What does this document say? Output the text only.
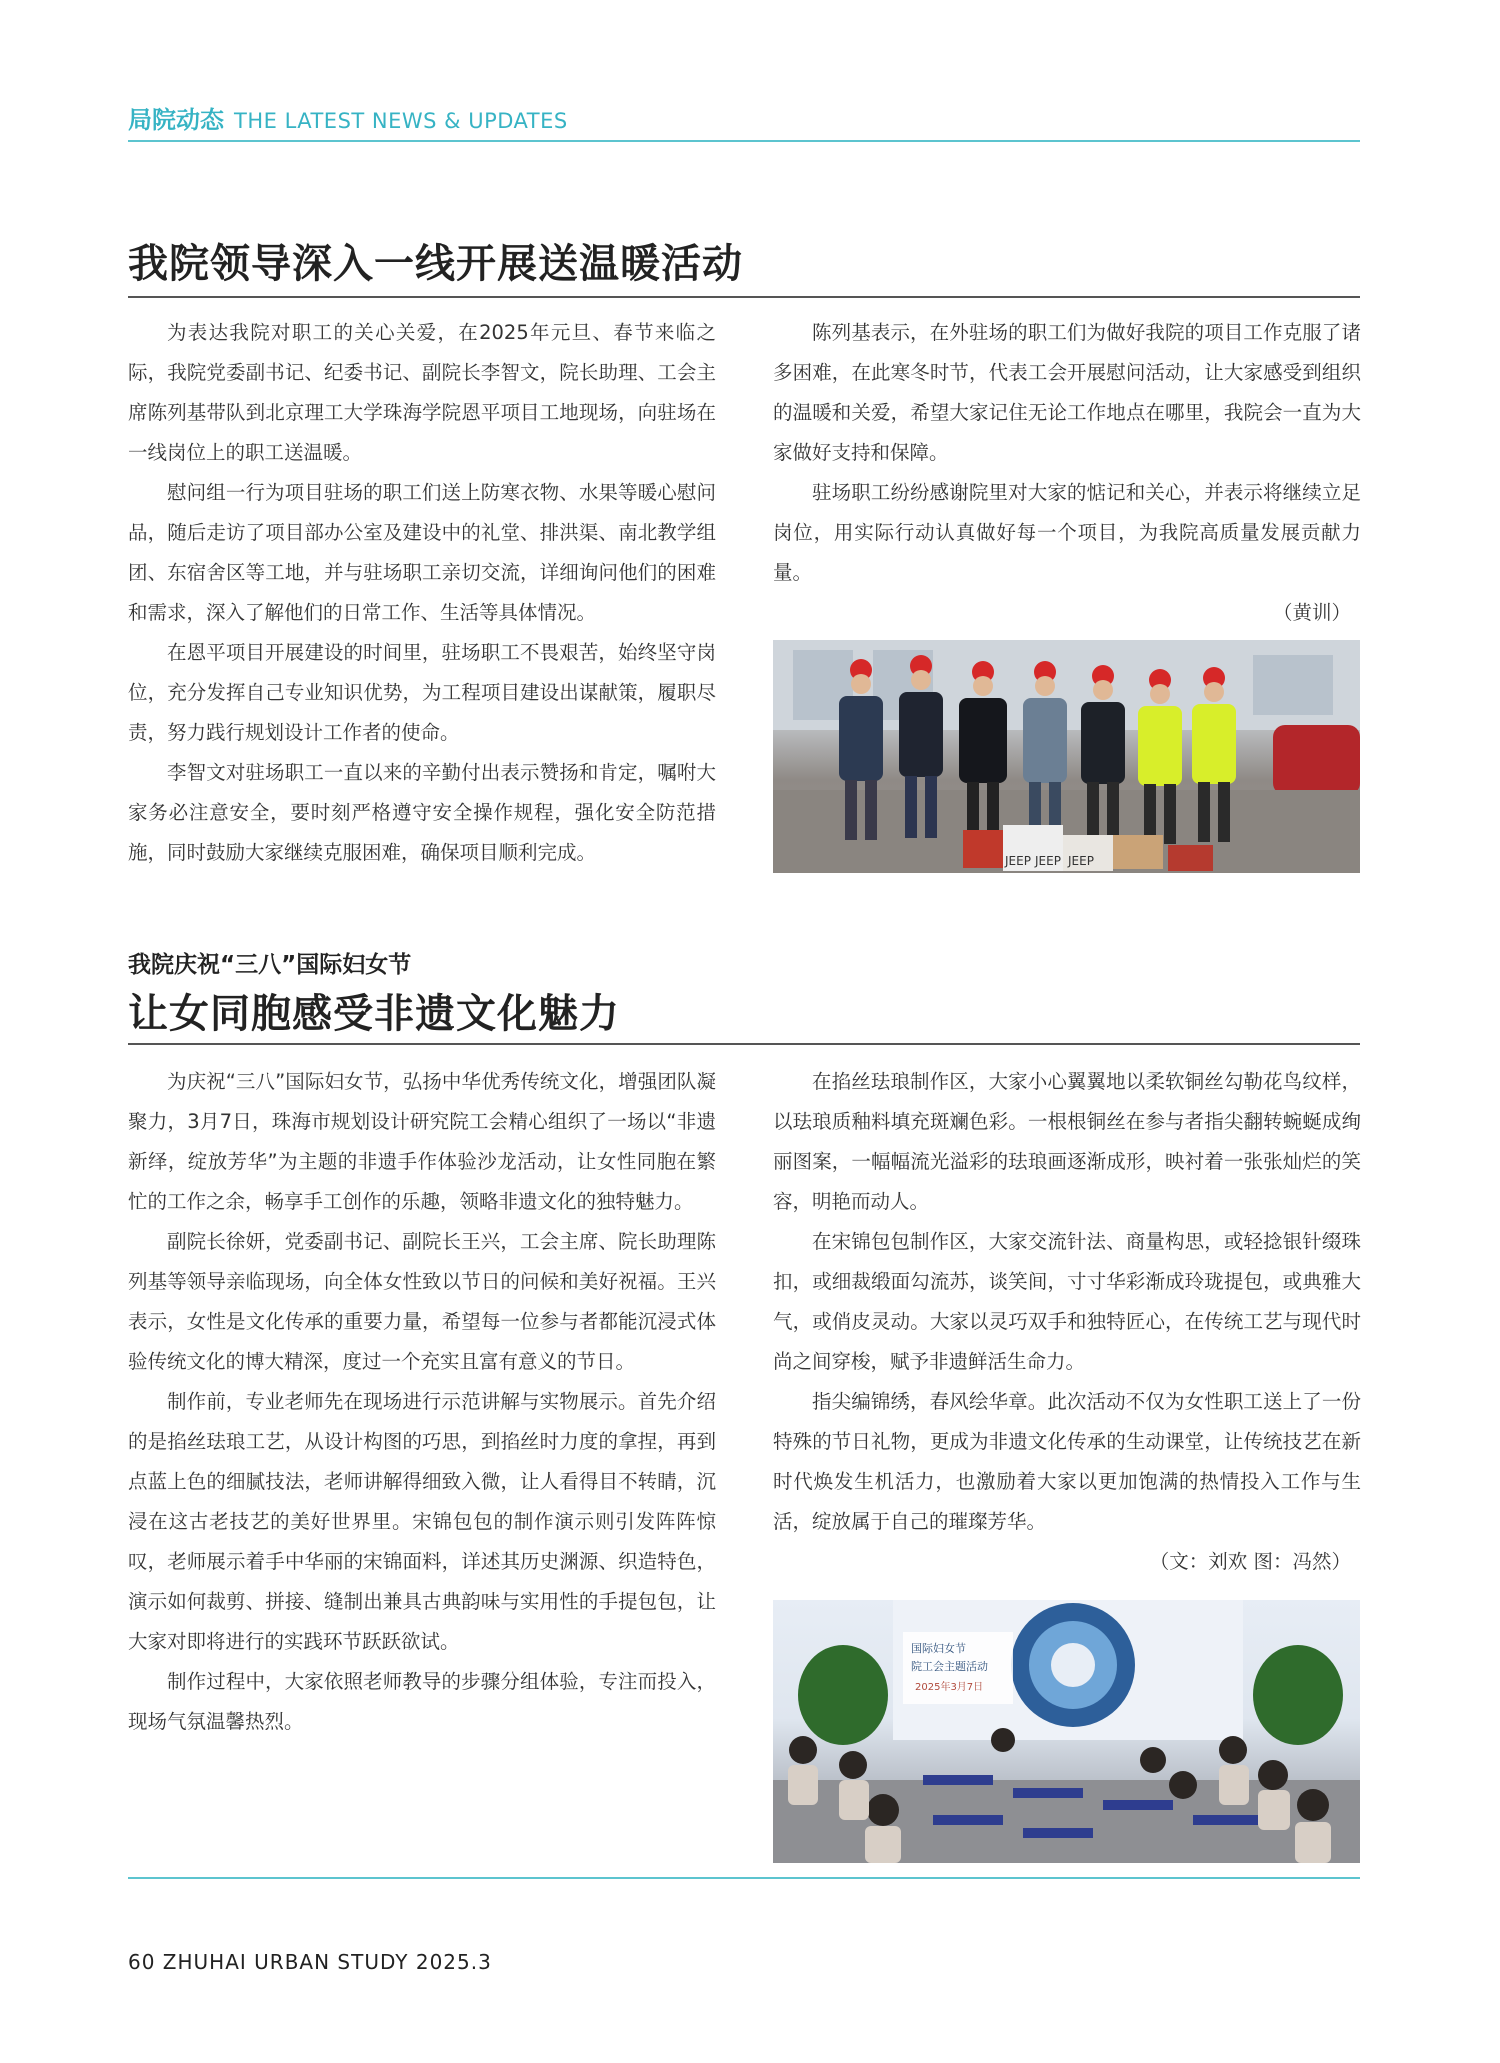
局院动态 THE LATEST NEWS & UPDATES
我院领导深入一线开展送温暖活动

为表达我院对职工的关心关爱，在2025年元旦、春节来临之际，我院党委副书记、纪委书记、副院长李智文，院长助理、工会主席陈列基带队到北京理工大学珠海学院恩平项目工地现场，向驻场在一线岗位上的职工送温暖。

慰问组一行为项目驻场的职工们送上防寒衣物、水果等暖心慰问品，随后走访了项目部办公室及建设中的礼堂、排洪渠、南北教学组团、东宿舍区等工地，并与驻场职工亲切交流，详细询问他们的困难和需求，深入了解他们的日常工作、生活等具体情况。

在恩平项目开展建设的时间里，驻场职工不畏艰苦，始终坚守岗位，充分发挥自己专业知识优势，为工程项目建设出谋献策，履职尽责，努力践行规划设计工作者的使命。

李智文对驻场职工一直以来的辛勤付出表示赞扬和肯定，嘱咐大家务必注意安全，要时刻严格遵守安全操作规程，强化安全防范措施，同时鼓励大家继续克服困难，确保项目顺利完成。

陈列基表示，在外驻场的职工们为做好我院的项目工作克服了诸多困难，在此寒冬时节，代表工会开展慰问活动，让大家感受到组织的温暖和关爱，希望大家记住无论工作地点在哪里，我院会一直为大家做好支持和保障。

驻场职工纷纷感谢院里对大家的惦记和关心，并表示将继续立足岗位，用实际行动认真做好每一个项目，为我院高质量发展贡献力量。

（黄训）

JEEP JEEP JEEP
我院庆祝“三八”国际妇女节
让女同胞感受非遗文化魅力

为庆祝“三八”国际妇女节，弘扬中华优秀传统文化，增强团队凝聚力，3月7日，珠海市规划设计研究院工会精心组织了一场以“非遗新绎，绽放芳华”为主题的非遗手作体验沙龙活动，让女性同胞在繁忙的工作之余，畅享手工创作的乐趣，领略非遗文化的独特魅力。

副院长徐妍，党委副书记、副院长王兴，工会主席、院长助理陈列基等领导亲临现场，向全体女性致以节日的问候和美好祝福。王兴表示，女性是文化传承的重要力量，希望每一位参与者都能沉浸式体验传统文化的博大精深，度过一个充实且富有意义的节日。

制作前，专业老师先在现场进行示范讲解与实物展示。首先介绍的是掐丝珐琅工艺，从设计构图的巧思，到掐丝时力度的拿捏，再到点蓝上色的细腻技法，老师讲解得细致入微，让人看得目不转睛，沉浸在这古老技艺的美好世界里。宋锦包包的制作演示则引发阵阵惊叹，老师展示着手中华丽的宋锦面料，详述其历史渊源、织造特色，演示如何裁剪、拼接、缝制出兼具古典韵味与实用性的手提包包，让大家对即将进行的实践环节跃跃欲试。

制作过程中，大家依照老师教导的步骤分组体验，专注而投入，现场气氛温馨热烈。

在掐丝珐琅制作区，大家小心翼翼地以柔软铜丝勾勒花鸟纹样，以珐琅质釉料填充斑斓色彩。一根根铜丝在参与者指尖翻转蜿蜒成绚丽图案，一幅幅流光溢彩的珐琅画逐渐成形，映衬着一张张灿烂的笑容，明艳而动人。

在宋锦包包制作区，大家交流针法、商量构思，或轻捻银针缀珠扣，或细裁缎面勾流苏，谈笑间，寸寸华彩渐成玲珑提包，或典雅大气，或俏皮灵动。大家以灵巧双手和独特匠心，在传统工艺与现代时尚之间穿梭，赋予非遗鲜活生命力。

指尖编锦绣，春风绘华章。此次活动不仅为女性职工送上了一份特殊的节日礼物，更成为非遗文化传承的生动课堂，让传统技艺在新时代焕发生机活力，也激励着大家以更加饱满的热情投入工作与生活，绽放属于自己的璀璨芳华。

（文：刘欢 图：冯然）

国际妇女节
院工会主题活动
2025年3月7日
60 ZHUHAI URBAN STUDY 2025.3
